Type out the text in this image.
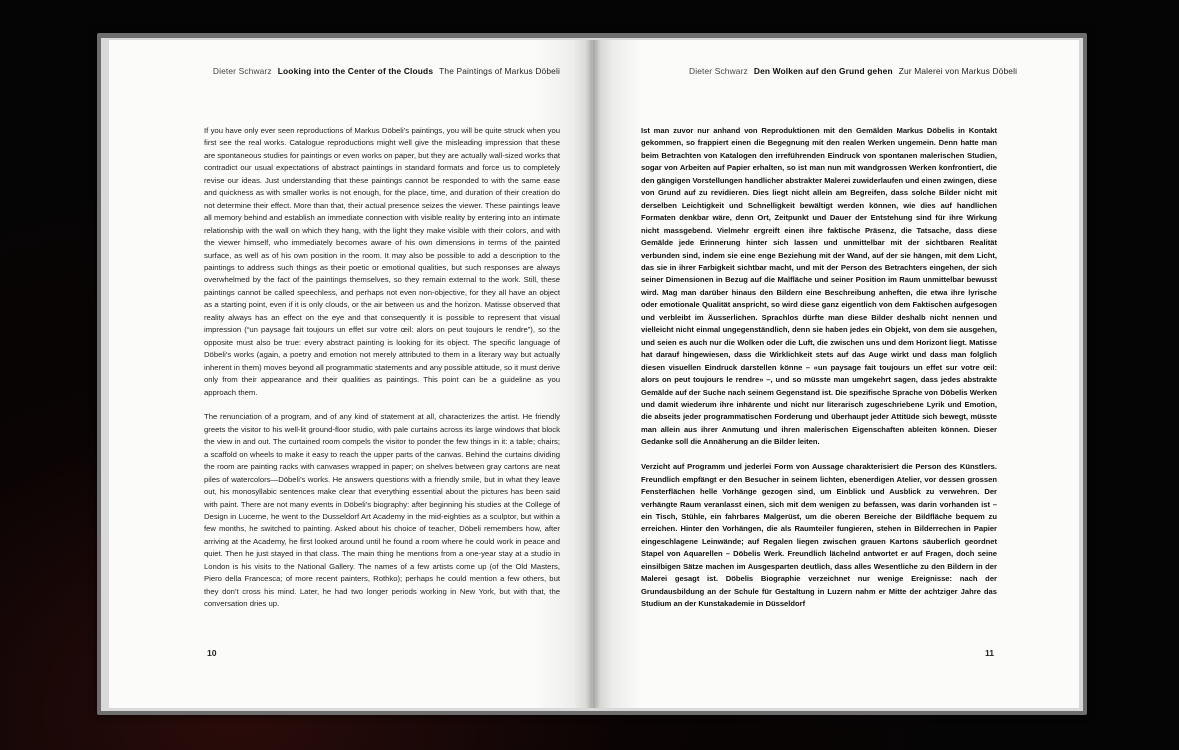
Dieter Schwarz Looking into the Center of the Clouds The Paintings of Markus Döbeli

If you have only ever seen reproductions of Markus Döbeli’s paintings, you will be quite struck when you first see the real works. Catalogue reproductions might well give the misleading impression that these are spontaneous studies for paintings or even works on paper, but they are actually wall-sized works that contradict our usual expectations of abstract paintings in standard formats and force us to completely revise our ideas. Just understanding that these paintings cannot be responded to with the same ease and quickness as with smaller works is not enough, for the place, time, and duration of their creation do not determine their effect. More than that, their actual presence seizes the viewer. These paintings leave all memory behind and establish an immediate connection with visible reality by entering into an intimate relationship with the wall on which they hang, with the light they make visible with their colors, and with the viewer himself, who immediately becomes aware of his own dimensions in terms of the painted surface, as well as of his own position in the room. It may also be possible to add a description to the paintings to address such things as their poetic or emotional qualities, but such responses are always overwhelmed by the fact of the paintings themselves, so they remain external to the work. Still, these paintings cannot be called speechless, and perhaps not even non-objective, for they all have an object as a starting point, even if it is only clouds, or the air between us and the horizon. Matisse observed that reality always has an effect on the eye and that consequently it is possible to represent that visual impression (“un paysage fait toujours un effet sur votre œil: alors on peut toujours le rendre”), so the opposite must also be true: every abstract painting is looking for its object. The specific language of Döbeli’s works (again, a poetry and emotion not merely attributed to them in a literary way but actually inherent in them) moves beyond all programmatic statements and any possible attitude, so it must derive only from their appearance and their qualities as paintings. This point can be a guideline as you approach them.

The renunciation of a program, and of any kind of statement at all, characterizes the artist. He friendly greets the visitor to his well-lit ground-floor studio, with pale curtains across its large windows that block the view in and out. The curtained room compels the visitor to ponder the few things in it: a table; chairs; a scaffold on wheels to make it easy to reach the upper parts of the canvas. Behind the curtains dividing the room are painting racks with canvases wrapped in paper; on shelves between gray cartons are neat piles of watercolors—Döbeli’s works. He answers questions with a friendly smile, but in what they leave out, his monosyllabic sentences make clear that everything essential about the pictures has been said with paint. There are not many events in Döbeli’s biography: after beginning his studies at the College of Design in Lucerne, he went to the Dusseldorf Art Academy in the mid-eighties as a sculptor, but within a few months, he switched to painting. Asked about his choice of teacher, Döbeli remembers how, after arriving at the Academy, he first looked around until he found a room where he could work in peace and quiet. Then he just stayed in that class. The main thing he mentions from a one-year stay at a studio in London is his visits to the National Gallery. The names of a few artists come up (of the Old Masters, Piero della Francesca; of more recent painters, Rothko); perhaps he could mention a few others, but they don’t cross his mind. Later, he had two longer periods working in New York, but with that, the conversation dries up.

10
Dieter Schwarz Den Wolken auf den Grund gehen Zur Malerei von Markus Döbeli

Ist man zuvor nur anhand von Reproduktionen mit den Gemälden Markus Döbelis in Kontakt gekommen, so frappiert einen die Begegnung mit den realen Werken ungemein. Denn hatte man beim Betrachten von Katalogen den irreführenden Eindruck von spontanen malerischen Studien, sogar von Arbeiten auf Papier erhalten, so ist man nun mit wandgrossen Werken konfrontiert, die den gängigen Vorstellungen handlicher abstrakter Malerei zuwiderlaufen und einen zwingen, diese von Grund auf zu revidieren. Dies liegt nicht allein am Begreifen, dass solche Bilder nicht mit derselben Leichtigkeit und Schnelligkeit bewältigt werden können, wie dies auf handlichen Formaten denkbar wäre, denn Ort, Zeitpunkt und Dauer der Entstehung sind für ihre Wirkung nicht massgebend. Vielmehr ergreift einen ihre faktische Präsenz, die Tatsache, dass diese Gemälde jede Erinnerung hinter sich lassen und unmittelbar mit der sichtbaren Realität verbunden sind, indem sie eine enge Beziehung mit der Wand, auf der sie hängen, mit dem Licht, das sie in ihrer Farbigkeit sichtbar macht, und mit der Person des Betrachters eingehen, der sich seiner Dimensionen in Bezug auf die Malfläche und seiner Position im Raum unmittelbar bewusst wird. Mag man darüber hinaus den Bildern eine Beschreibung anheften, die etwa ihre lyrische oder emotionale Qualität anspricht, so wird diese ganz eigentlich von dem Faktischen aufgesogen und verbleibt im Äusserlichen. Sprachlos dürfte man diese Bilder deshalb nicht nennen und vielleicht nicht einmal ungegenständlich, denn sie haben jedes ein Objekt, von dem sie ausgehen, und seien es auch nur die Wolken oder die Luft, die zwischen uns und dem Horizont liegt. Matisse hat darauf hingewiesen, dass die Wirklichkeit stets auf das Auge wirkt und dass man folglich diesen visuellen Eindruck darstellen könne – «un paysage fait toujours un effet sur votre œil: alors on peut toujours le rendre» –, und so müsste man umgekehrt sagen, dass jedes abstrakte Gemälde auf der Suche nach seinem Gegenstand ist. Die spezifische Sprache von Döbelis Werken und damit wiederum ihre inhärente und nicht nur literarisch zugeschriebene Lyrik und Emotion, die abseits jeder programmatischen Forderung und überhaupt jeder Attitüde sich bewegt, müsste man allein aus ihrer Anmutung und ihren malerischen Eigenschaften ableiten können. Dieser Gedanke soll die Annäherung an die Bilder leiten.

Verzicht auf Programm und jederlei Form von Aussage charakterisiert die Person des Künstlers. Freundlich empfängt er den Besucher in seinem lichten, ebenerdigen Atelier, vor dessen grossen Fensterflächen helle Vorhänge gezogen sind, um Einblick und Ausblick zu verwehren. Der verhängte Raum veranlasst einen, sich mit dem wenigen zu befassen, was darin vorhanden ist – ein Tisch, Stühle, ein fahrbares Malgerüst, um die oberen Bereiche der Bildfläche bequem zu erreichen. Hinter den Vorhängen, die als Raumteiler fungieren, stehen in Bilderrechen in Papier eingeschlagene Leinwände; auf Regalen liegen zwischen grauen Kartons säuberlich geordnet Stapel von Aquarellen – Döbelis Werk. Freundlich lächelnd antwortet er auf Fragen, doch seine einsilbigen Sätze machen im Ausgesparten deutlich, dass alles Wesentliche zu den Bildern in der Malerei gesagt ist. Döbelis Biographie verzeichnet nur wenige Ereignisse: nach der Grundausbildung an der Schule für Gestaltung in Luzern nahm er Mitte der achtziger Jahre das Studium an der Kunstakademie in Düsseldorf

11
